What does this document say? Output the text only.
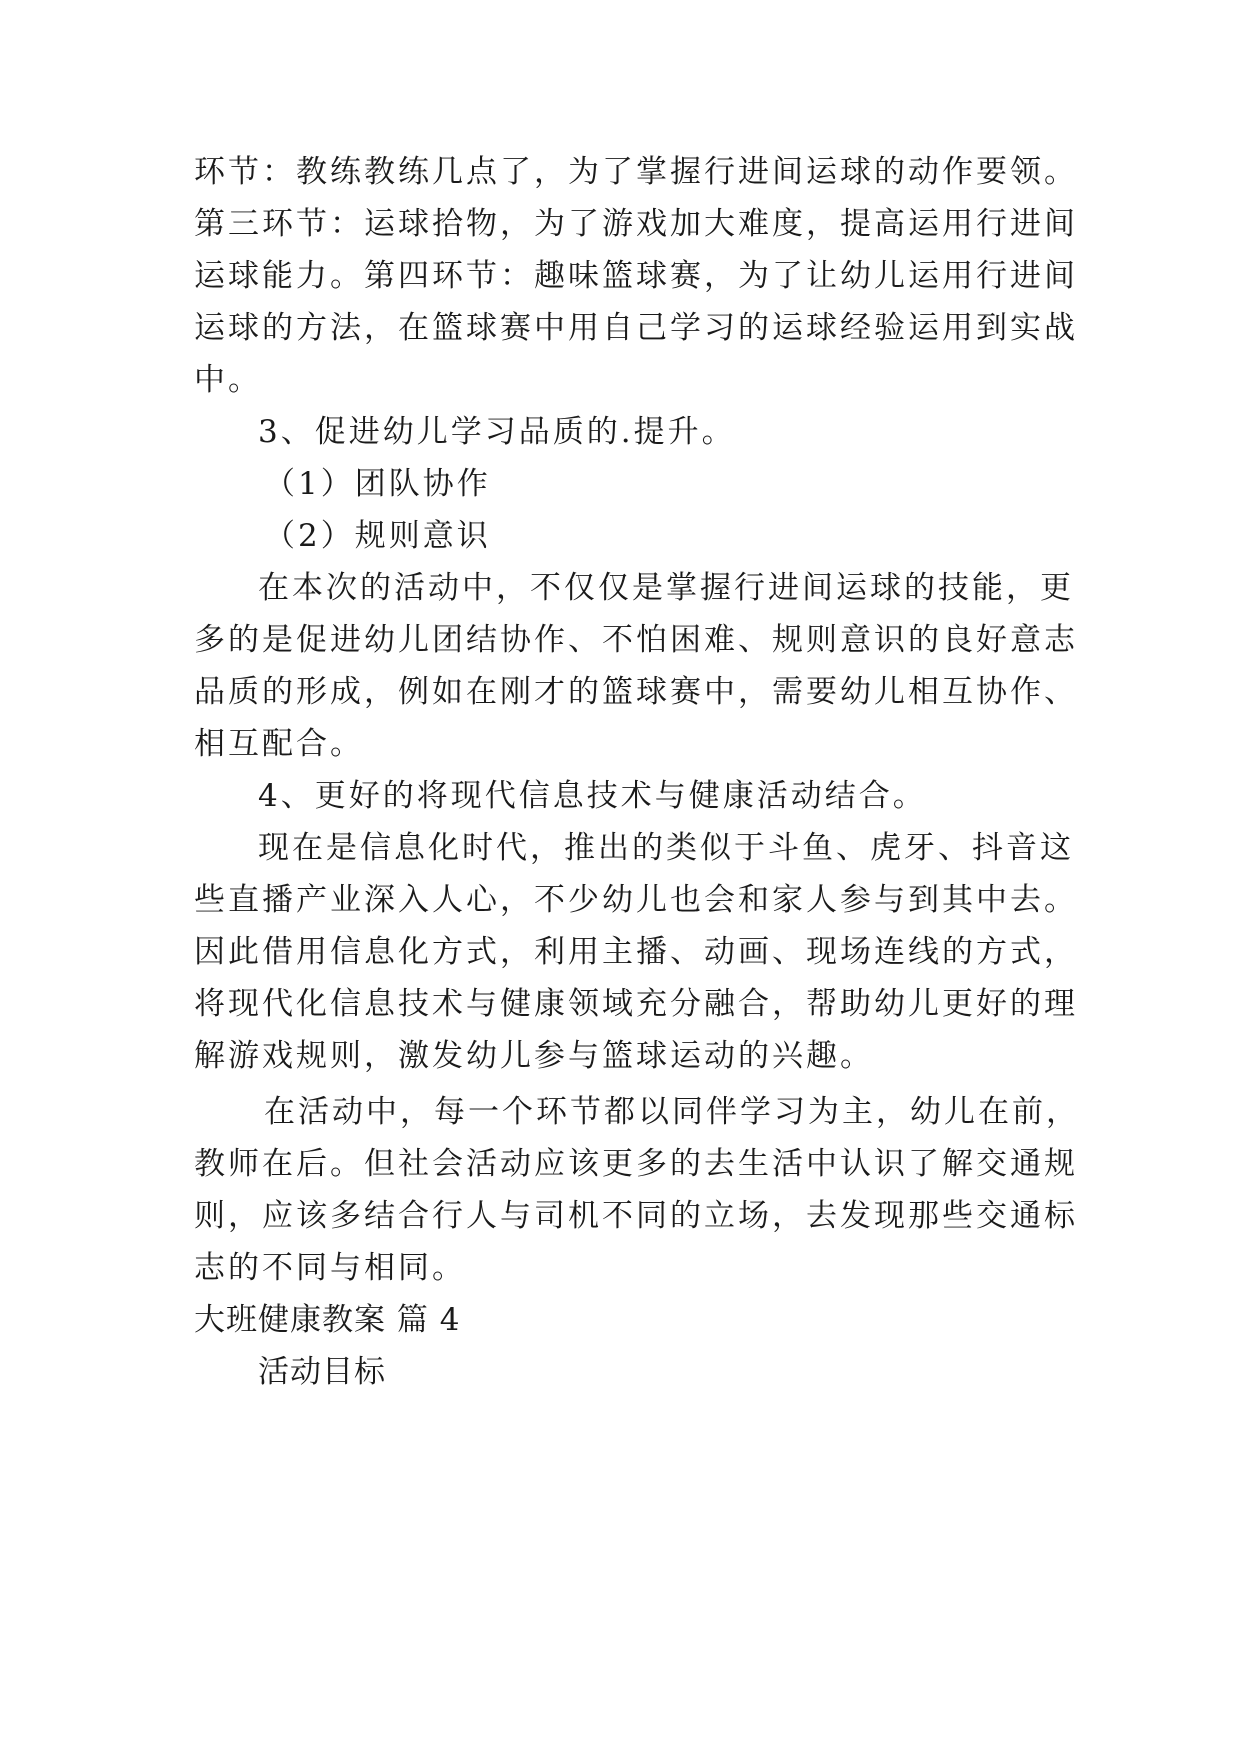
环节：教练教练几点了，为了掌握行进间运球的动作要领。
第三环节：运球拾物，为了游戏加大难度，提高运用行进间
运球能力。第四环节：趣味篮球赛，为了让幼儿运用行进间
运球的方法，在篮球赛中用自己学习的运球经验运用到实战
中。
3、促进幼儿学习品质的.提升。
（1）团队协作
（2）规则意识
在本次的活动中，不仅仅是掌握行进间运球的技能，更
多的是促进幼儿团结协作、不怕困难、规则意识的良好意志
品质的形成，例如在刚才的篮球赛中，需要幼儿相互协作、
相互配合。
4、更好的将现代信息技术与健康活动结合。
现在是信息化时代，推出的类似于斗鱼、虎牙、抖音这
些直播产业深入人心，不少幼儿也会和家人参与到其中去。
因此借用信息化方式，利用主播、动画、现场连线的方式，
将现代化信息技术与健康领域充分融合，帮助幼儿更好的理
解游戏规则，激发幼儿参与篮球运动的兴趣。
在活动中，每一个环节都以同伴学习为主，幼儿在前，
教师在后。但社会活动应该更多的去生活中认识了解交通规
则，应该多结合行人与司机不同的立场，去发现那些交通标
志的不同与相同。
大班健康教案 篇 4
活动目标
